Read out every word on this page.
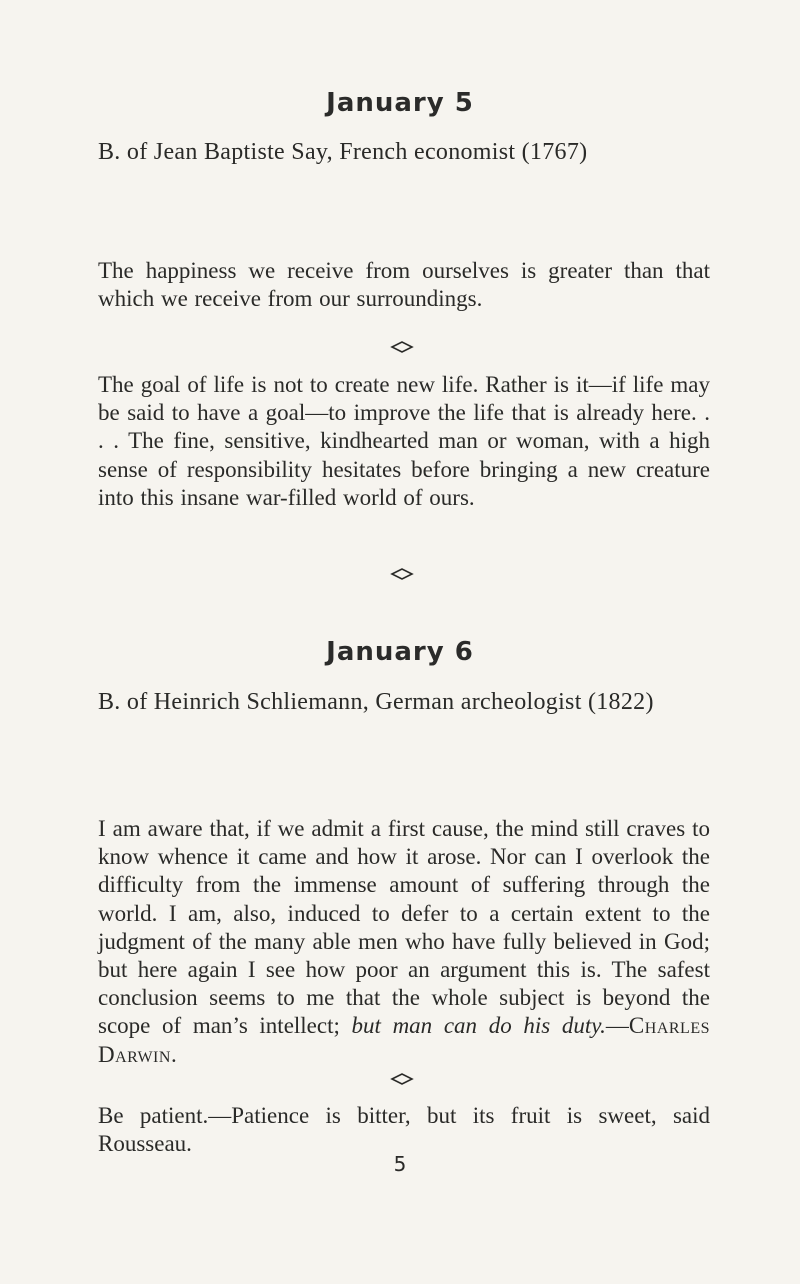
January 5
B. of Jean Baptiste Say, French economist (1767)
The happiness we receive from ourselves is greater than that which we receive from our surroundings.
The goal of life is not to create new life. Rather is it—if life may be said to have a goal—to improve the life that is already here. . . . The fine, sensitive, kindhearted man or woman, with a high sense of responsibility hesitates before bringing a new creature into this insane war-filled world of ours.
January 6
B. of Heinrich Schliemann, German archeologist (1822)
I am aware that, if we admit a first cause, the mind still craves to know whence it came and how it arose. Nor can I overlook the difficulty from the immense amount of suffering through the world. I am, also, induced to defer to a certain extent to the judgment of the many able men who have fully believed in God; but here again I see how poor an argument this is. The safest conclusion seems to me that the whole subject is beyond the scope of man’s intellect; but man can do his duty.—Charles Darwin.
Be patient.—Patience is bitter, but its fruit is sweet, said Rousseau.
5
